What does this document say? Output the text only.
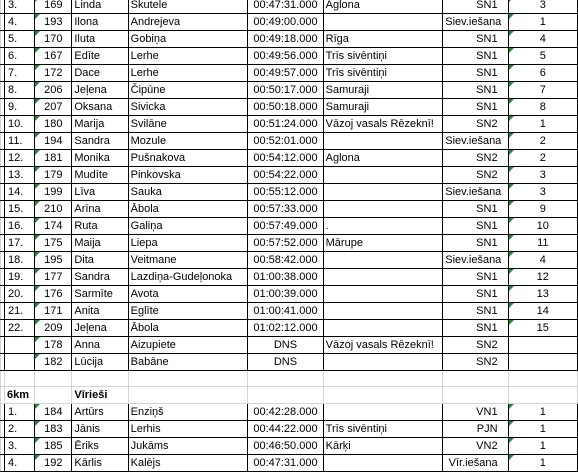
	3.	169	Linda	Skutele	00:47:31.000	Aglona	SN1	3

	4.	193	Ilona	Andrejeva	00:49:00.000		Siev.iešana	1

	5.	170	Iluta	Gobiņa	00:49:18.000	Rīga	SN1	4

	6.	167	Edīte	Lerhe	00:49:56.000	Trīs sivēntiņi	SN1	5

	7.	172	Dace	Lerhe	00:49:57.000	Trīs sivēntiņi	SN1	6

	8.	206	Jeļena	Čipūne	00:50:17.000	Samuraji	SN1	7

	9.	207	Oksana	Sivicka	00:50:18.000	Samuraji	SN1	8

	10.	180	Marija	Svilāne	00:51:24.000	Vāzoj vasals Rēzeknī!	SN2	1

	11.	194	Sandra	Mozule	00:52:01.000		Siev.iešana	2

	12.	181	Monika	Pušnakova	00:54:12.000	Aglona	SN2	2

	13.	179	Mudīte	Pinkovska	00:54:22.000		SN2	3

	14.	199	Līva	Sauka	00:55:12.000		Siev.iešana	3

	15.	210	Arīna	Ābola	00:57:33.000		SN1	9

	16.	174	Ruta	Galiņa	00:57:49.000	.	SN1	10

	17.	175	Maija	Liepa	00:57:52.000	Mārupe	SN1	11

	18.	195	Dita	Veitmane	00:58:42.000		Siev.iešana	4

	19.	177	Sandra	Lazdiņa-Gudeļonoka	01:00:38.000		SN1	12

	20.	176	Sarmīte	Avota	01:00:39.000		SN1	13

	21.	171	Anita	Eglīte	01:00:41.000		SN1	14

	22.	209	Jeļena	Ābola	01:02:12.000		SN1	15

		178	Anna	Aizupiete	DNS	Vāzoj vasals Rēzeknī!	SN2	
		182	Lūcija	Babāne	DNS		SN2	

	6km		Vīrieši					
	1.	184	Artūrs	Enziņš	00:42:28.000		VN1	1

	2.	183	Jānis	Lerhis	00:44:22.000	Trīs sivēntiņi	PJN	1

	3.	185	Ēriks	Jukāms	00:46:50.000	Kārķi	VN2	1

	4.	192	Kārlis	Kalējs	00:47:31.000		Vīr.iešana	1
